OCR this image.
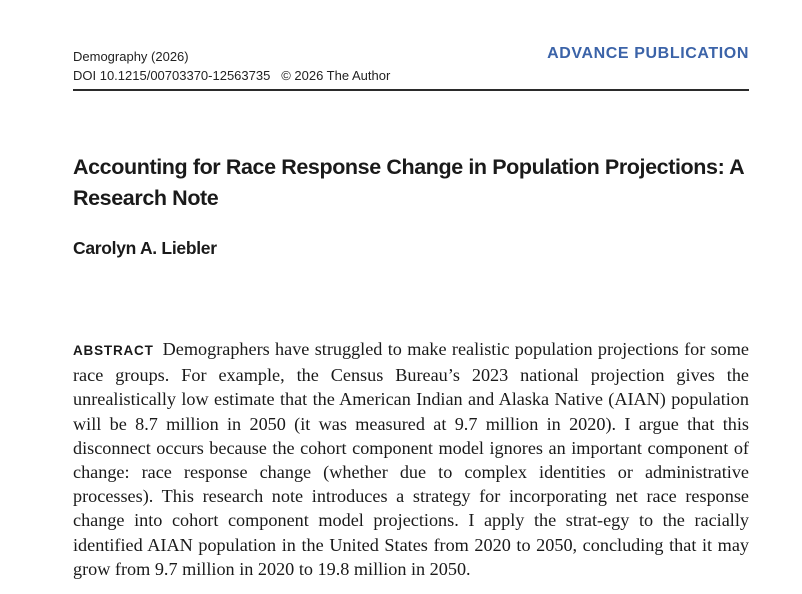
Demography (2026)
DOI 10.1215/00703370-12563735 © 2026 The Author
ADVANCE PUBLICATION
Accounting for Race Response Change in Population Projections: A Research Note
Carolyn A. Liebler

ABSTRACT Demographers have struggled to make realistic population projections for some race groups. For example, the Census Bureau’s 2023 national projection gives the unrealistically low estimate that the American Indian and Alaska Native (AIAN) population will be 8.7 million in 2050 (it was measured at 9.7 million in 2020). I argue that this disconnect occurs because the cohort component model ignores an important component of change: race response change (whether due to complex identities or administrative processes). This research note introduces a strategy for incorporating net race response change into cohort component model projections. I apply the strat-egy to the racially identified AIAN population in the United States from 2020 to 2050, concluding that it may grow from 9.7 million in 2020 to 19.8 million in 2050.
